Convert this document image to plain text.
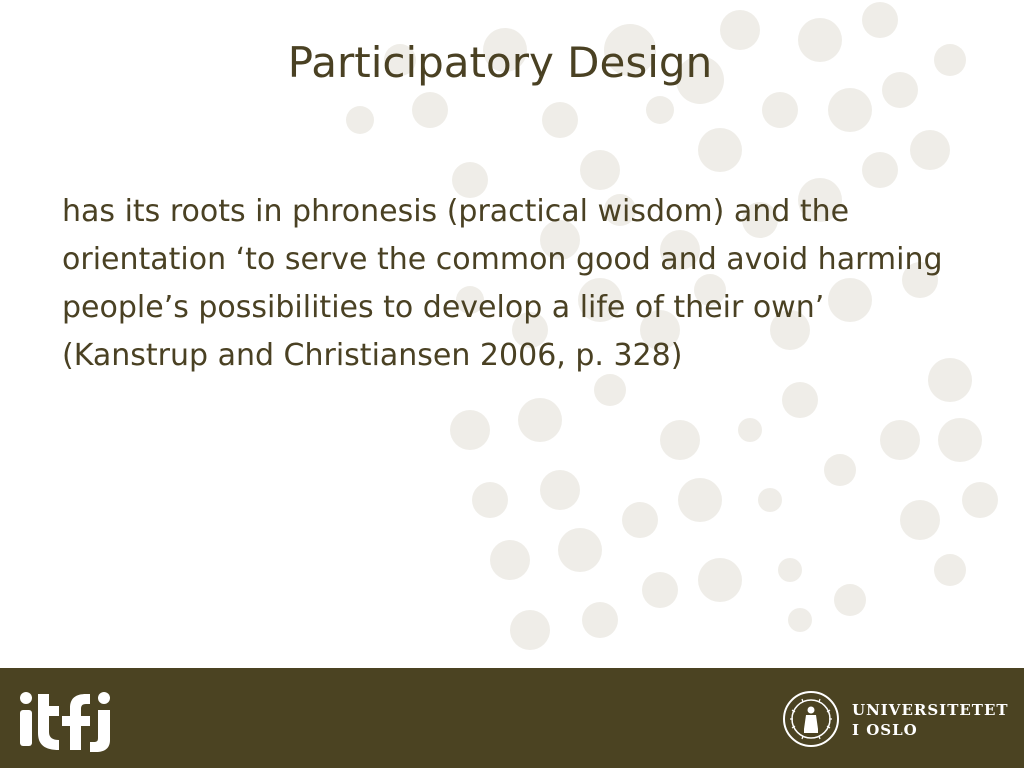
Participatory Design

has its roots in phronesis (practical wisdom) and the orientation ‘to serve the common good and avoid harming people’s possibilities to develop a life of their own’ (Kanstrup and Christiansen 2006, p. 328)

UNIVERSITETET
I OSLO
